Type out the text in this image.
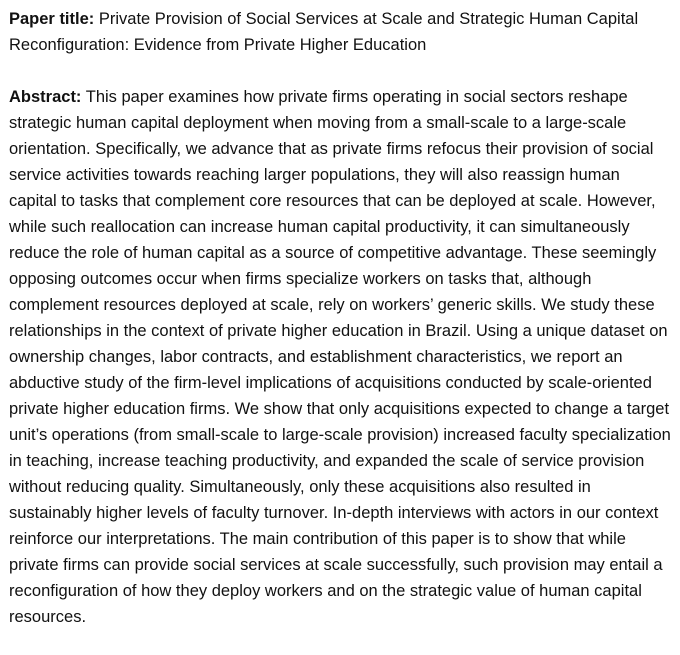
Paper title: Private Provision of Social Services at Scale and Strategic Human Capital Reconfiguration: Evidence from Private Higher Education

Abstract: This paper examines how private firms operating in social sectors reshape strategic human capital deployment when moving from a small-scale to a large-scale orientation. Specifically, we advance that as private firms refocus their provision of social service activities towards reaching larger populations, they will also reassign human capital to tasks that complement core resources that can be deployed at scale. However, while such reallocation can increase human capital productivity, it can simultaneously reduce the role of human capital as a source of competitive advantage. These seemingly opposing outcomes occur when firms specialize workers on tasks that, although complement resources deployed at scale, rely on workers’ generic skills. We study these relationships in the context of private higher education in Brazil. Using a unique dataset on ownership changes, labor contracts, and establishment characteristics, we report an abductive study of the firm-level implications of acquisitions conducted by scale-oriented private higher education firms. We show that only acquisitions expected to change a target unit’s operations (from small-scale to large-scale provision) increased faculty specialization in teaching, increase teaching productivity, and expanded the scale of service provision without reducing quality. Simultaneously, only these acquisitions also resulted in sustainably higher levels of faculty turnover. In-depth interviews with actors in our context reinforce our interpretations. The main contribution of this paper is to show that while private firms can provide social services at scale successfully, such provision may entail a reconfiguration of how they deploy workers and on the strategic value of human capital resources.
